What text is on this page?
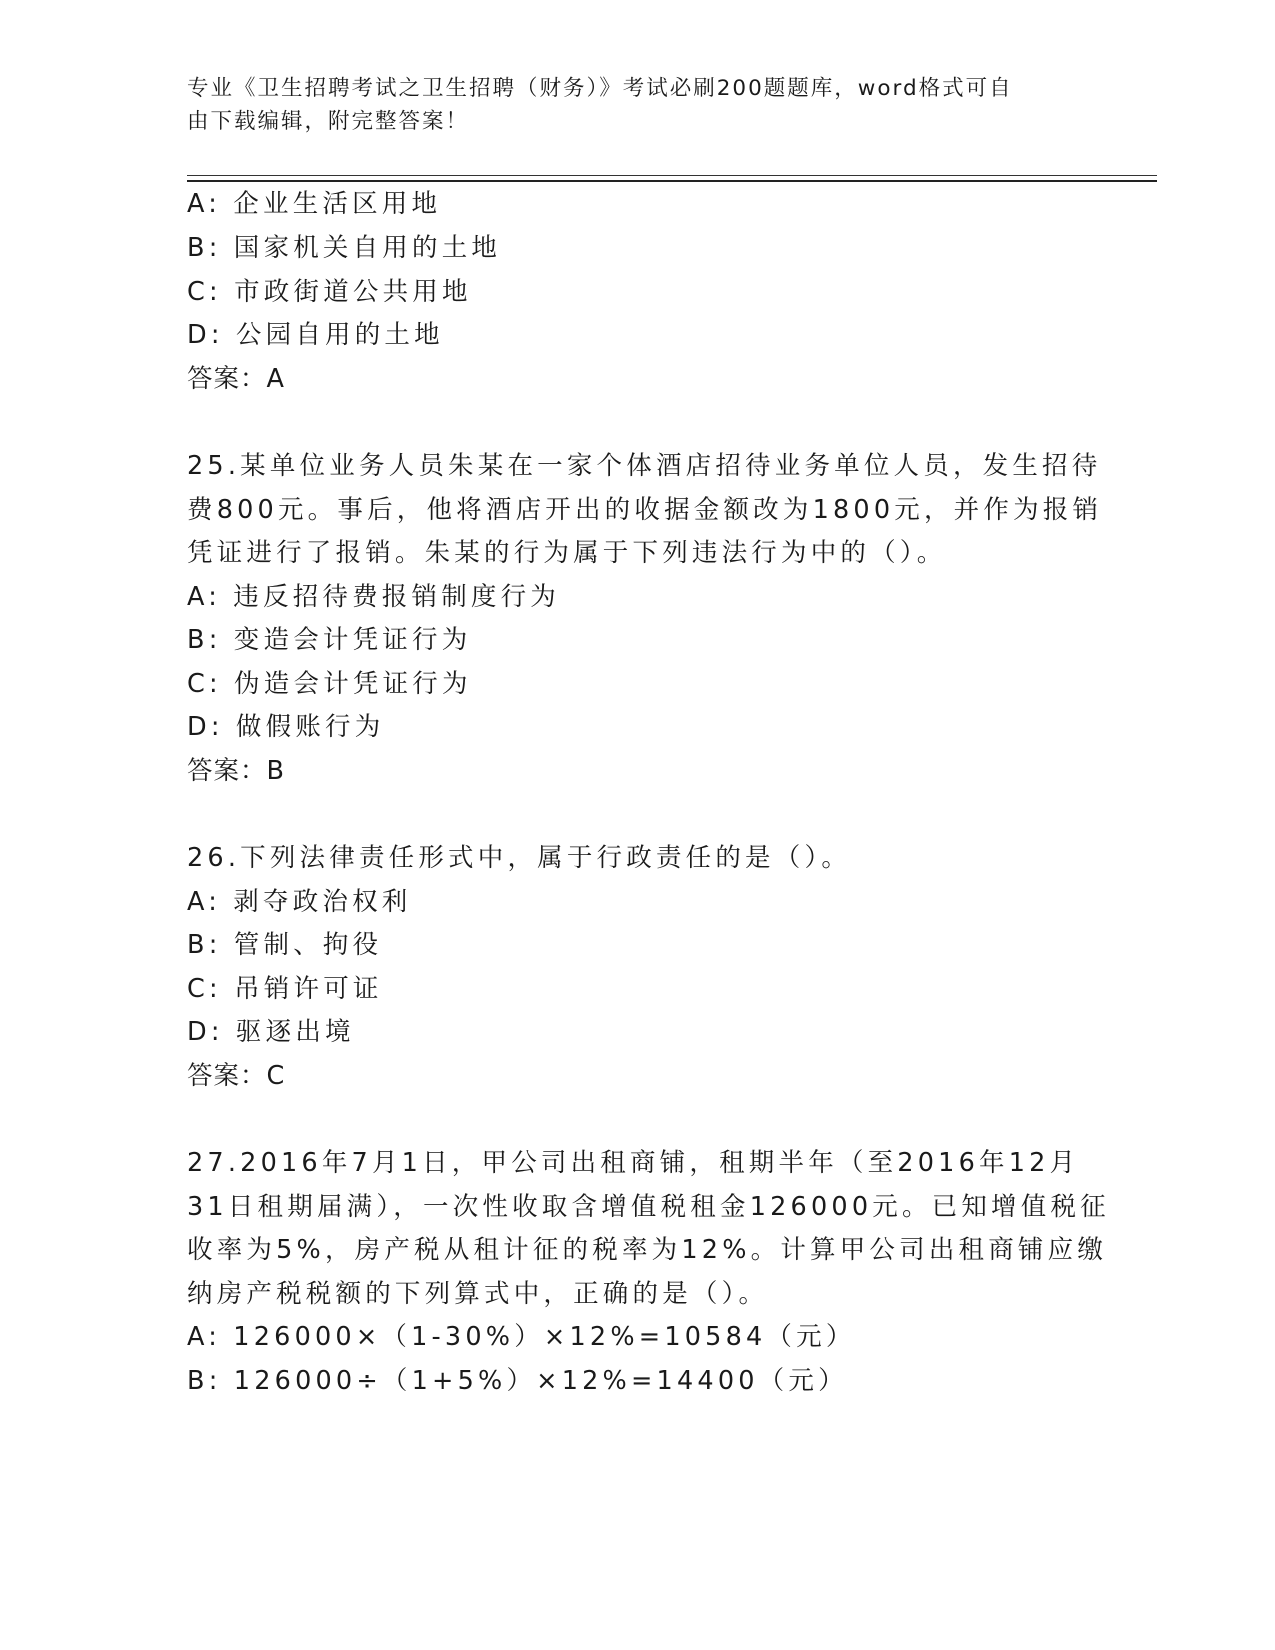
专业《卫生招聘考试之卫生招聘（财务）》考试必刷200题题库，word格式可自
由下载编辑，附完整答案！
A: 企业生活区用地
B: 国家机关自用的土地
C: 市政街道公共用地
D: 公园自用的土地
答案：A
25.某单位业务人员朱某在一家个体酒店招待业务单位人员，发生招待
费800元。事后，他将酒店开出的收据金额改为1800元，并作为报销
凭证进行了报销。朱某的行为属于下列违法行为中的（）。
A: 违反招待费报销制度行为
B: 变造会计凭证行为
C: 伪造会计凭证行为
D: 做假账行为
答案：B
26.下列法律责任形式中，属于行政责任的是（）。
A: 剥夺政治权利
B: 管制、拘役
C: 吊销许可证
D: 驱逐出境
答案：C
27.2016年7月1日，甲公司出租商铺，租期半年（至2016年12月
31日租期届满），一次性收取含增值税租金126000元。已知增值税征
收率为5%，房产税从租计征的税率为12%。计算甲公司出租商铺应缴
纳房产税税额的下列算式中，正确的是（）。
A: 126000×（1-30%）×12%=10584（元）
B: 126000÷（1+5%）×12%=14400（元）
